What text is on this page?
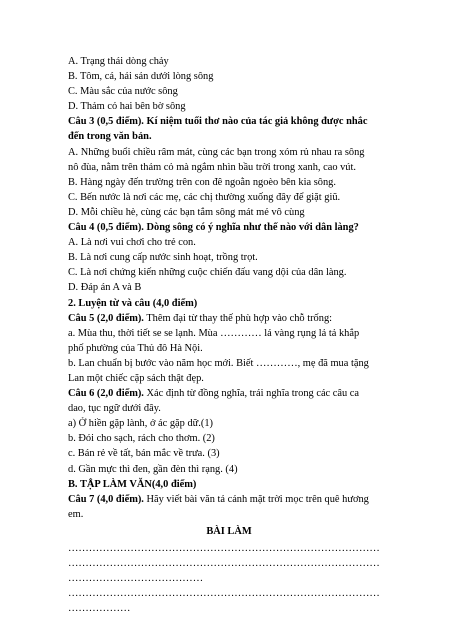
A. Trạng thái dòng chảy
B. Tôm, cá, hải sản dưới lòng sông
C. Màu sắc của nước sông
D. Thảm cỏ hai bên bờ sông
Câu 3 (0,5 điểm). Kí niệm tuổi thơ nào của tác giả không được nhắc
đến trong văn bản.
A. Những buổi chiều râm mát, cùng các bạn trong xóm rủ nhau ra sông
nô đùa, nằm trên thảm cỏ mà ngắm nhìn bầu trời trong xanh, cao vút.
B. Hàng ngày đến trường trên con đê ngoằn ngoèo bên kia sông.
C. Bến nước là nơi các mẹ, các chị thường xuống đây để giặt giũ.
D. Mỗi chiều hè, cùng các bạn tắm sông mát mẻ vô cùng
Câu 4 (0,5 điểm). Dòng sông có ý nghĩa như thế nào với dân làng?
A. Là nơi vui chơi cho trẻ con.
B. Là nơi cung cấp nước sinh hoạt, trồng trọt.
C. Là nơi chứng kiến những cuộc chiến đấu vang dội của dân làng.
D. Đáp án A và B
2. Luyện từ và câu (4,0 điểm)
Câu 5 (2,0 điểm). Thêm đại từ thay thế phù hợp vào chỗ trống:
a. Mùa thu, thời tiết se se lạnh. Mùa ………… lá vàng rụng lả tả khắp
phố phường của Thủ đô Hà Nội.
b. Lan chuẩn bị bước vào năm học mới. Biết …………, mẹ đã mua tặng
Lan một chiếc cặp sách thật đẹp.
Câu 6 (2,0 điểm). Xác định từ đồng nghĩa, trái nghĩa trong các câu ca
dao, tục ngữ dưới đây.
a) Ở hiền gặp lành, ở ác gặp dữ.(1)
b. Đói cho sạch, rách cho thơm. (2)
c. Bán rẻ về tất, bán mắc về trưa. (3)
d. Gần mực thì đen, gần đèn thì rạng. (4)
B. TẬP LÀM VĂN(4,0 điểm)
Câu 7 (4,0 điểm). Hãy viết bài văn tả cảnh mặt trời mọc trên quê hương
em.
BÀI LÀM
………………………………………………………………………………
………………………………………………………………………………
…………………………………
………………………………………………………………………………
………………
